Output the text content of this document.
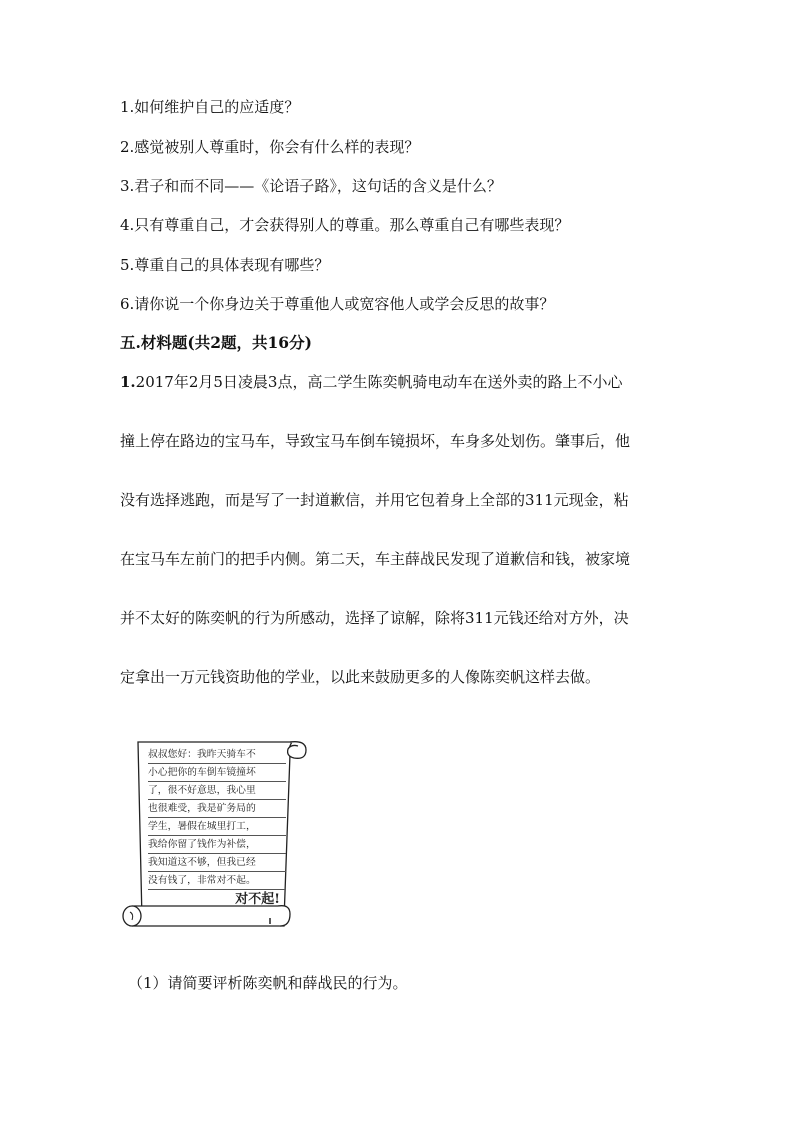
1.如何维护自己的应适度？
2.感觉被别人尊重时，你会有什么样的表现？
3.君子和而不同——《论语子路》，这句话的含义是什么？
4.只有尊重自己，才会获得别人的尊重。那么尊重自己有哪些表现？
5.尊重自己的具体表现有哪些？
6.请你说一个你身边关于尊重他人或宽容他人或学会反思的故事？
五.材料题(共2题，共16分)

1.2017年2月5日凌晨3点，高二学生陈奕帆骑电动车在送外卖的路上不小心

撞上停在路边的宝马车，导致宝马车倒车镜损坏，车身多处划伤。肇事后，他

没有选择逃跑，而是写了一封道歉信，并用它包着身上全部的311元现金，粘

在宝马车左前门的把手内侧。第二天，车主薛战民发现了道歉信和钱，被家境

并不太好的陈奕帆的行为所感动，选择了谅解，除将311元钱还给对方外，决

定拿出一万元钱资助他的学业，以此来鼓励更多的人像陈奕帆这样去做。

叔叔您好：我昨天骑车不
小心把你的车倒车镜撞坏
了，很不好意思，我心里
也很难受，我是矿务局的
学生，暑假在城里打工，
我给你留了钱作为补偿，
我知道这不够，但我已经
没有钱了，非常对不起。
对不起!
（1）请简要评析陈奕帆和薛战民的行为。
